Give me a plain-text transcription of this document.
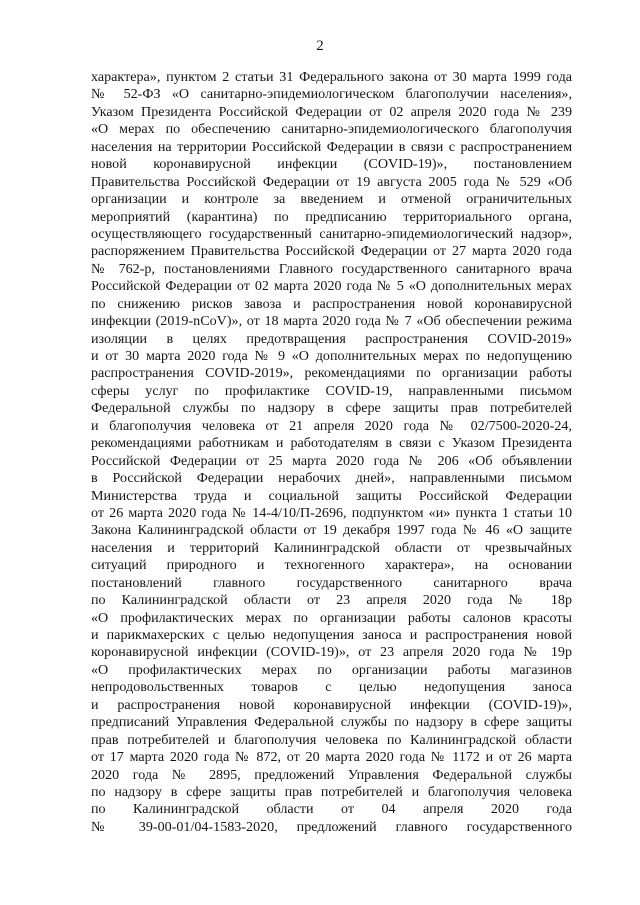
2
характера», пунктом 2 статьи 31 Федерального закона от 30 марта 1999 года
№ 52-ФЗ «О санитарно-эпидемиологическом благополучии населения»,
Указом Президента Российской Федерации от 02 апреля 2020 года № 239
«О мерах по обеспечению санитарно-эпидемиологического благополучия
населения на территории Российской Федерации в связи с распространением
новой коронавирусной инфекции (COVID-19)», постановлением
Правительства Российской Федерации от 19 августа 2005 года № 529 «Об
организации и контроле за введением и отменой ограничительных
мероприятий (карантина) по предписанию территориального органа,
осуществляющего государственный санитарно-эпидемиологический надзор»,
распоряжением Правительства Российской Федерации от 27 марта 2020 года
№ 762-р, постановлениями Главного государственного санитарного врача
Российской Федерации от 02 марта 2020 года № 5 «О дополнительных мерах
по снижению рисков завоза и распространения новой коронавирусной
инфекции (2019-nCoV)», от 18 марта 2020 года № 7 «Об обеспечении режима
изоляции в целях предотвращения распространения COVID-2019»
и от 30 марта 2020 года № 9 «О дополнительных мерах по недопущению
распространения COVID-2019», рекомендациями по организации работы
сферы услуг по профилактике COVID-19, направленными письмом
Федеральной службы по надзору в сфере защиты прав потребителей
и благополучия человека от 21 апреля 2020 года № 02/7500-2020-24,
рекомендациями работникам и работодателям в связи с Указом Президента
Российской Федерации от 25 марта 2020 года № 206 «Об объявлении
в Российской Федерации нерабочих дней», направленными письмом
Министерства труда и социальной защиты Российской Федерации
от 26 марта 2020 года № 14-4/10/П-2696, подпунктом «и» пункта 1 статьи 10
Закона Калининградской области от 19 декабря 1997 года № 46 «О защите
населения и территорий Калининградской области от чрезвычайных
ситуаций природного и техногенного характера», на основании
постановлений главного государственного санитарного врача
по Калининградской области от 23 апреля 2020 года № 18р
«О профилактических мерах по организации работы салонов красоты
и парикмахерских с целью недопущения заноса и распространения новой
коронавирусной инфекции (COVID-19)», от 23 апреля 2020 года № 19р
«О профилактических мерах по организации работы магазинов
непродовольственных товаров с целью недопущения заноса
и распространения новой коронавирусной инфекции (COVID-19)»,
предписаний Управления Федеральной службы по надзору в сфере защиты
прав потребителей и благополучия человека по Калининградской области
от 17 марта 2020 года № 872, от 20 марта 2020 года № 1172 и от 26 марта
2020 года № 2895, предложений Управления Федеральной службы
по надзору в сфере защиты прав потребителей и благополучия человека
по Калининградской области от 04 апреля 2020 года
№ 39-00-01/04-1583-2020, предложений главного государственного
